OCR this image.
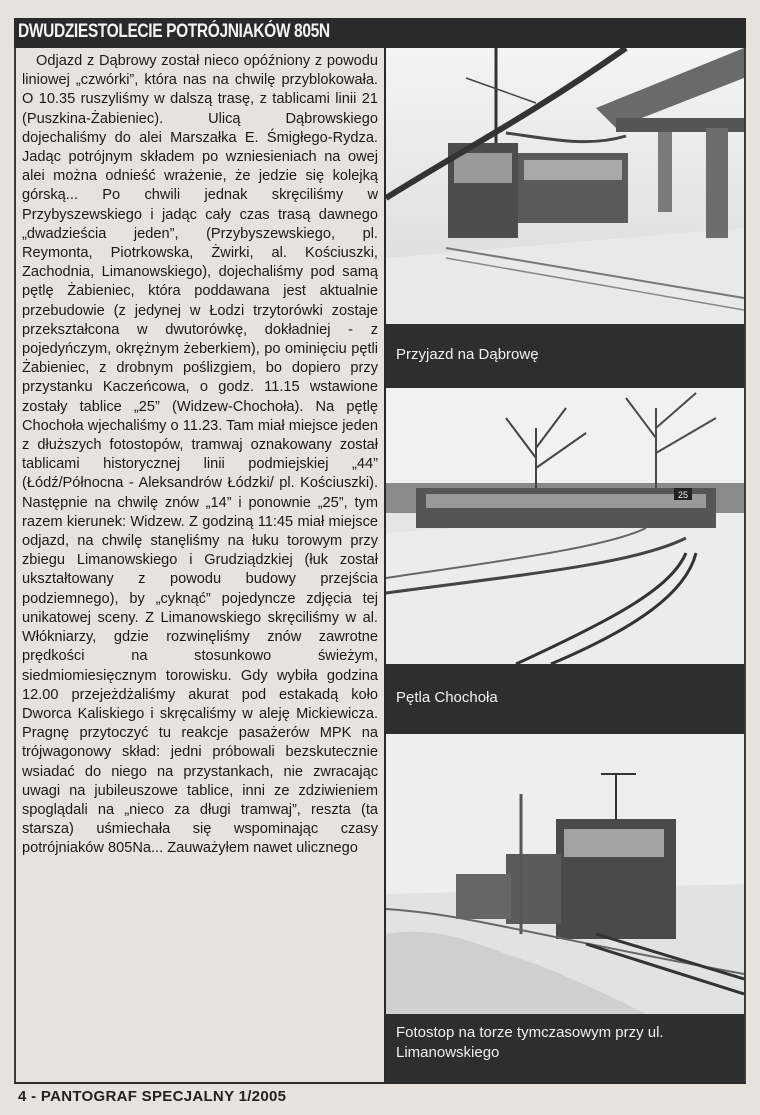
DWUDZIESTOLECIE POTRÓJNIAKÓW 805N

Odjazd z Dąbrowy został nieco opóźniony z powodu liniowej „czwórki”, która nas na chwilę przyblokowała. O 10.35 ruszyliśmy w dalszą trasę, z tablicami linii 21 (Puszkina-Żabieniec). Ulicą Dąbrowskiego dojechaliśmy do alei Marszałka E. Śmigłego-Rydza. Jadąc potrójnym składem po wzniesieniach na owej alei można odnieść wrażenie, że jedzie się kolejką górską... Po chwili jednak skręciliśmy w Przybyszewskiego i jadąc cały czas trasą dawnego „dwadzieścia jeden”, (Przybyszewskiego, pl. Reymonta, Piotrkowska, Żwirki, al. Kościuszki, Zachodnia, Limanowskiego), dojechaliśmy pod samą pętlę Żabieniec, która poddawana jest aktualnie przebudowie (z jedynej w Łodzi trzytorówki zostaje przekształcona w dwutorówkę, dokładniej - z pojedyńczym, okrężnym żeberkiem), po ominięciu pętli Żabieniec, z drobnym poślizgiem, bo dopiero przy przystanku Kaczeńcowa, o godz. 11.15 wstawione zostały tablice „25” (Widzew-Chochoła). Na pętlę Chochoła wjechaliśmy o 11.23. Tam miał miejsce jeden z dłuższych fotostopów, tramwaj oznakowany został tablicami historycznej linii podmiejskiej „44” (Łódź/Północna - Aleksandrów Łódzki/ pl. Kościuszki). Następnie na chwilę znów „14” i ponownie „25”, tym razem kierunek: Widzew. Z godziną 11:45 miał miejsce odjazd, na chwilę stanęliśmy na łuku torowym przy zbiegu Limanowskiego i Grudziądzkiej (łuk został ukształtowany z powodu budowy przejścia podziemnego), by „cyknąć” pojedyncze zdjęcia tej unikatowej sceny. Z Limanowskiego skręciliśmy w al. Włókniarzy, gdzie rozwinęliśmy znów zawrotne prędkości na stosunkowo świeżym, siedmiomiesięcznym torowisku. Gdy wybiła godzina 12.00 przejeżdżaliśmy akurat pod estakadą koło Dworca Kaliskiego i skręcaliśmy w aleję Mickiewicza. Pragnę przytoczyć tu reakcje pasażerów MPK na trójwagonowy skład: jedni próbowali bezskutecznie wsiadać do niego na przystankach, nie zwracając uwagi na jubileuszowe tablice, inni ze zdziwieniem spoglądali na „nieco za długi tramwaj”, reszta (ta starsza) uśmiechała się wspominając czasy potrójniaków 805Na... Zauważyłem nawet ulicznego

Przyjazd na Dąbrowę
25
Pętla Chochoła
Fotostop na torze tymczasowym przy ul. Limanowskiego
4 - PANTOGRAF SPECJALNY 1/2005
